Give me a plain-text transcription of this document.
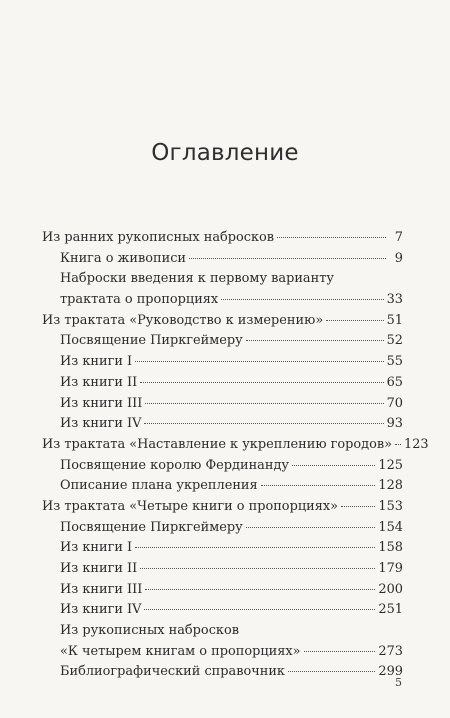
Оглавление
Из ранних рукописных набросков	7
Книга о живописи	9
Наброски введения к первому варианту
трактата о пропорциях	33
Из трактата «Руководство к измерению»	51
Посвящение Пиркгеймеру	52
Из книги I	55
Из книги II	65
Из книги III	70
Из книги IV	93
Из трактата «Наставление к укреплению городов» 123
Посвящение королю Фердинанду	125
Описание плана укрепления	128
Из трактата «Четыре книги о пропорциях»	153
Посвящение Пиркгеймеру	154
Из книги I	158
Из книги II	179
Из книги III	200
Из книги IV	251
Из рукописных набросков
«К четырем книгам о пропорциях»	273
Библиографический справочник	299
5
